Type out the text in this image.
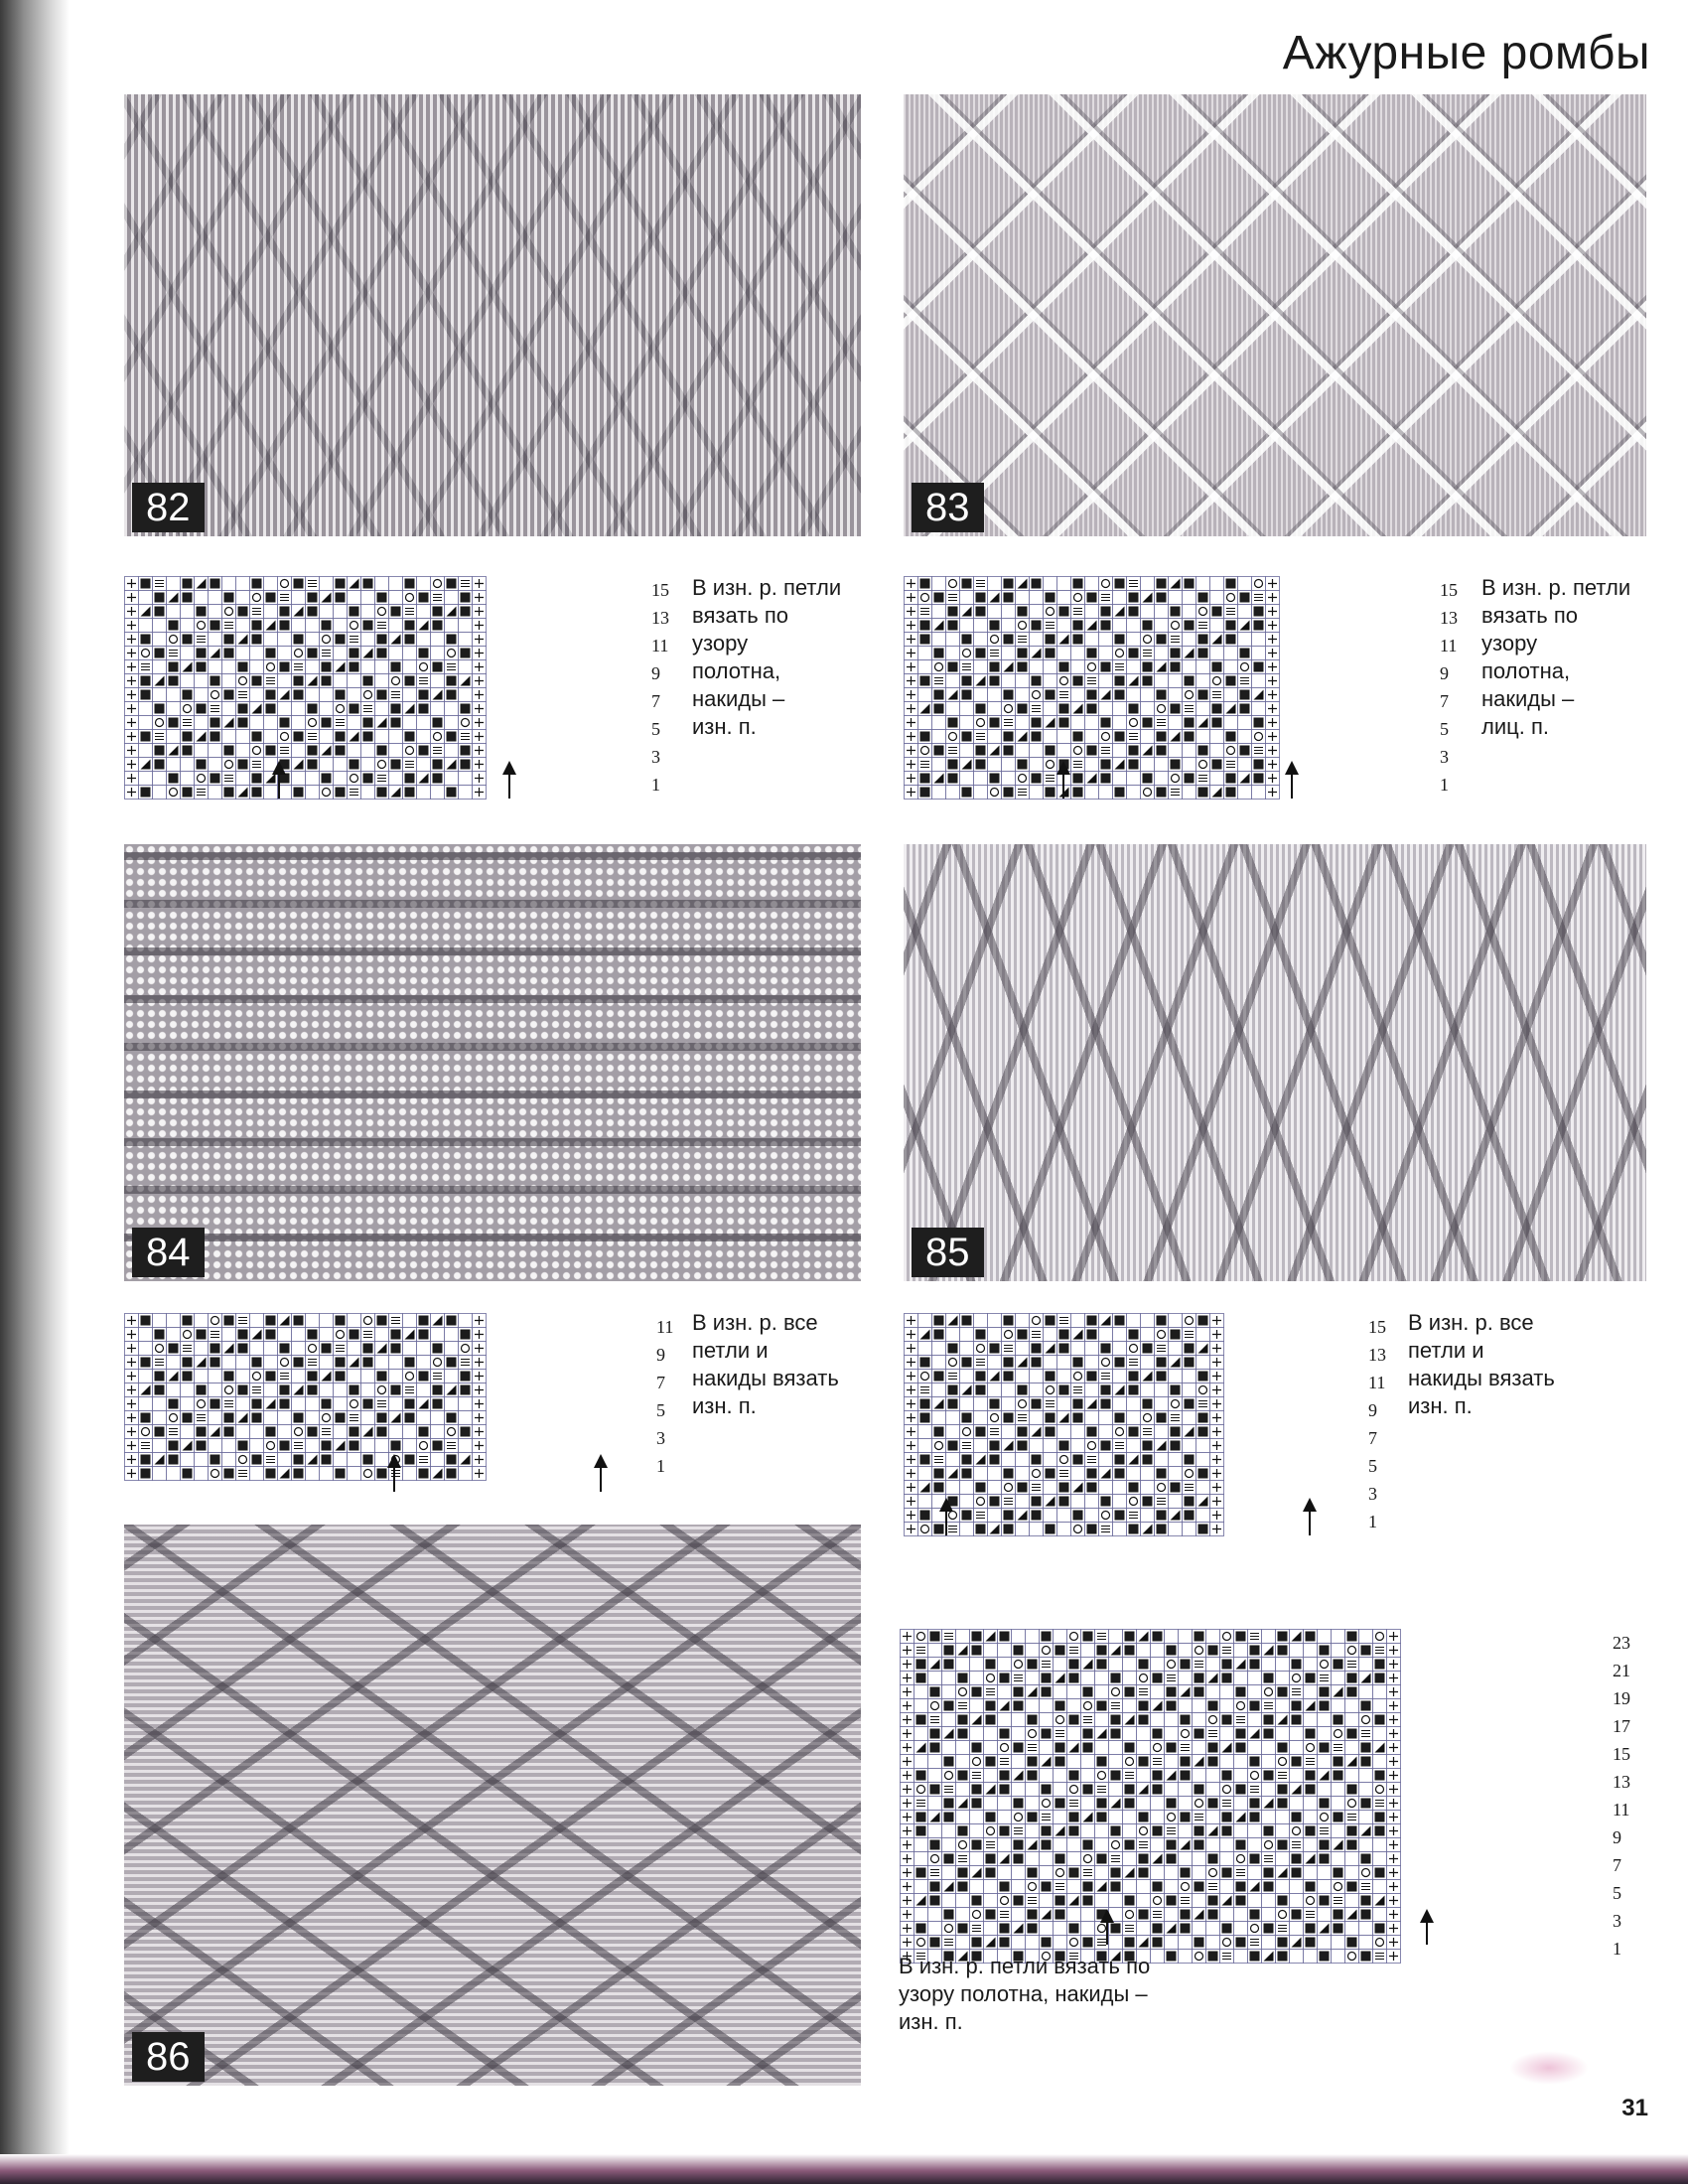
Ажурные ромбы
82
15
13
11
9
7
5
3
1

В изн. р. петли
вязать по
узору
полотна,
накиды –
изн. п.

83
15
13
11
9
7
5
3
1

В изн. р. петли
вязать по
узору
полотна,
накиды –
лиц. п.

84
11
9
7
5
3
1

В изн. р. все
петли и
накиды вязать
изн. п.

85
15
13
11
9
7
5
3
1

В изн. р. все
петли и
накиды вязать
изн. п.

86
23
21
19
17
15
13
11
9
7
5
3
1

В изн. р. петли вязать по
узору полотна, накиды –
изн. п.

31
